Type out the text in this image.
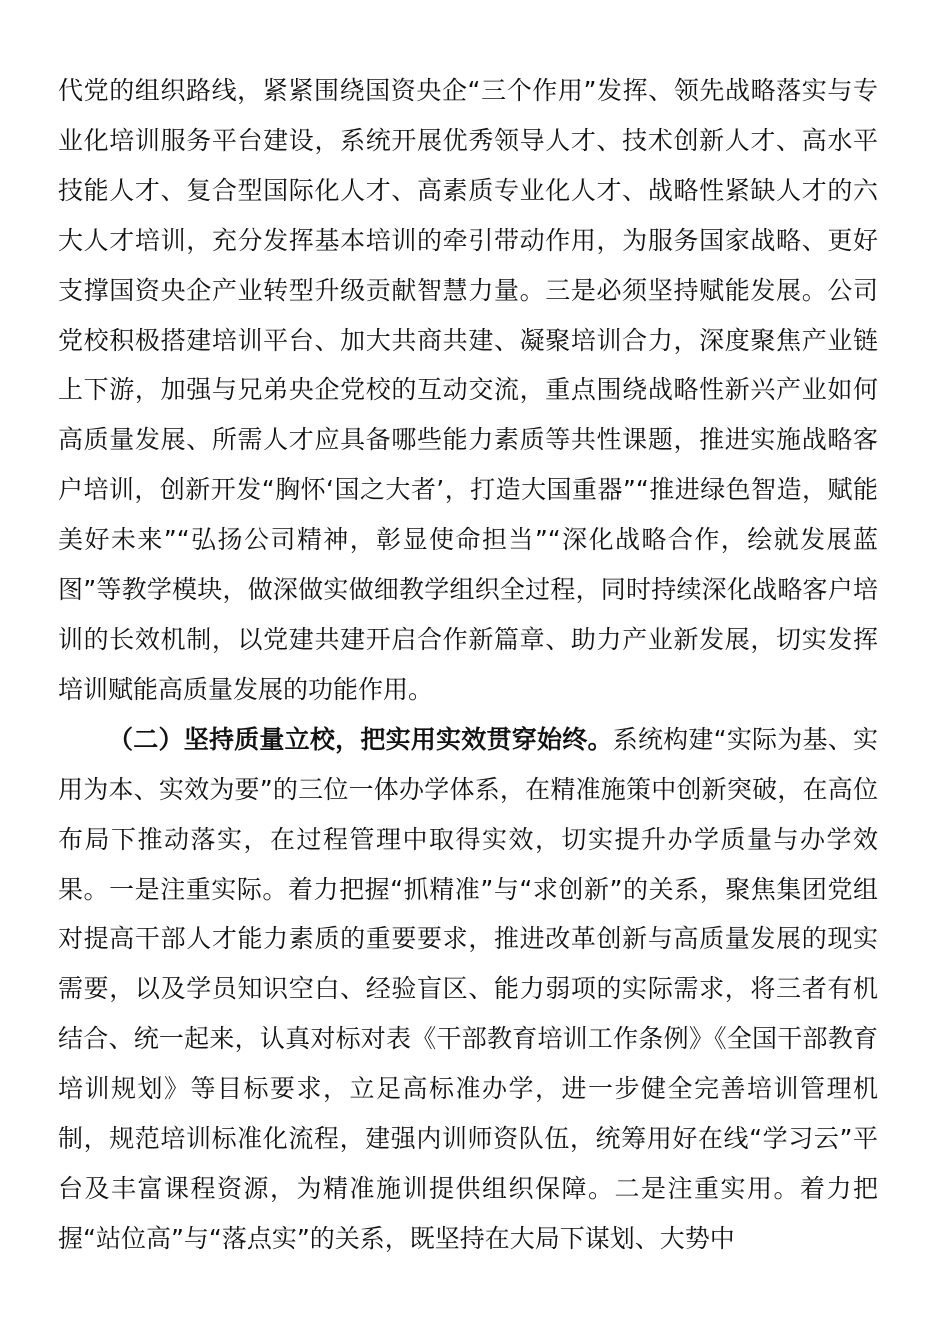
代党的组织路线，紧紧围绕国资央企“三个作用”发挥、领先战略落实与专业化培训服务平台建设，系统开展优秀领导人才、技术创新人才、高水平技能人才、复合型国际化人才、高素质专业化人才、战略性紧缺人才的六大人才培训，充分发挥基本培训的牵引带动作用，为服务国家战略、更好支撑国资央企产业转型升级贡献智慧力量。三是必须坚持赋能发展。公司党校积极搭建培训平台、加大共商共建、凝聚培训合力，深度聚焦产业链上下游，加强与兄弟央企党校的互动交流，重点围绕战略性新兴产业如何高质量发展、所需人才应具备哪些能力素质等共性课题，推进实施战略客户培训，创新开发“胸怀‘国之大者’，打造大国重器”“推进绿色智造，赋能美好未来”“弘扬公司精神，彰显使命担当”“深化战略合作，绘就发展蓝图”等教学模块，做深做实做细教学组织全过程，同时持续深化战略客户培训的长效机制，以党建共建开启合作新篇章、助力产业新发展，切实发挥培训赋能高质量发展的功能作用。

（二）坚持质量立校，把实用实效贯穿始终。系统构建“实际为基、实用为本、实效为要”的三位一体办学体系，在精准施策中创新突破，在高位布局下推动落实，在过程管理中取得实效，切实提升办学质量与办学效果。一是注重实际。着力把握“抓精准”与“求创新”的关系，聚焦集团党组对提高干部人才能力素质的重要要求，推进改革创新与高质量发展的现实需要，以及学员知识空白、经验盲区、能力弱项的实际需求，将三者有机结合、统一起来，认真对标对表《干部教育培训工作条例》《全国干部教育培训规划》等目标要求，立足高标准办学，进一步健全完善培训管理机制，规范培训标准化流程，建强内训师资队伍，统筹用好在线“学习云”平台及丰富课程资源，为精准施训提供组织保障。二是注重实用。着力把握“站位高”与“落点实”的关系，既坚持在大局下谋划、大势中
